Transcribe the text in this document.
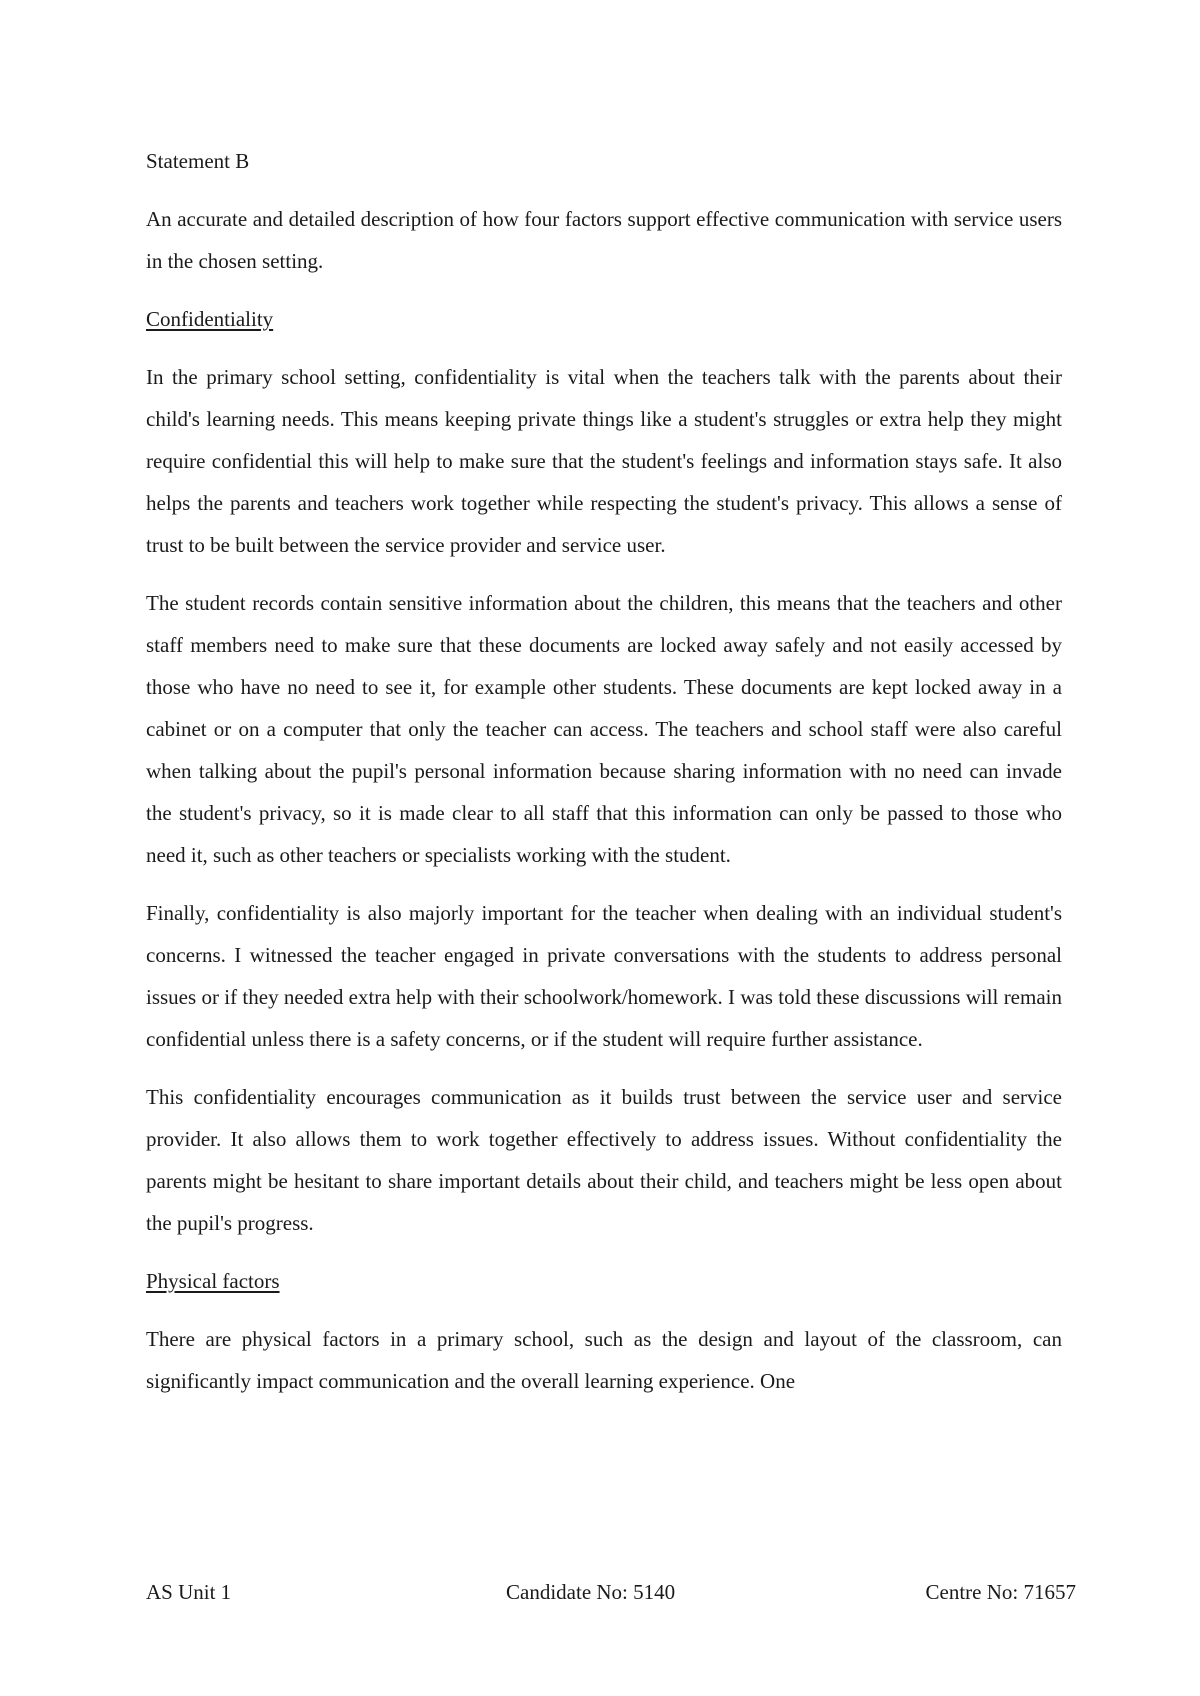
Statement B

An accurate and detailed description of how four factors support effective communication with service users in the chosen setting.

Confidentiality

In the primary school setting, confidentiality is vital when the teachers talk with the parents about their child's learning needs. This means keeping private things like a student's struggles or extra help they might require confidential this will help to make sure that the student's feelings and information stays safe. It also helps the parents and teachers work together while respecting the student's privacy. This allows a sense of trust to be built between the service provider and service user.

The student records contain sensitive information about the children, this means that the teachers and other staff members need to make sure that these documents are locked away safely and not easily accessed by those who have no need to see it, for example other students. These documents are kept locked away in a cabinet or on a computer that only the teacher can access. The teachers and school staff were also careful when talking about the pupil's personal information because sharing information with no need can invade the student's privacy, so it is made clear to all staff that this information can only be passed to those who need it, such as other teachers or specialists working with the student.

Finally, confidentiality is also majorly important for the teacher when dealing with an individual student's concerns. I witnessed the teacher engaged in private conversations with the students to address personal issues or if they needed extra help with their schoolwork/homework. I was told these discussions will remain confidential unless there is a safety concerns, or if the student will require further assistance.

This confidentiality encourages communication as it builds trust between the service user and service provider. It also allows them to work together effectively to address issues. Without confidentiality the parents might be hesitant to share important details about their child, and teachers might be less open about the pupil's progress.

Physical factors

There are physical factors in a primary school, such as the design and layout of the classroom, can significantly impact communication and the overall learning experience. One

AS Unit 1	Candidate No: 5140	Centre No: 71657
